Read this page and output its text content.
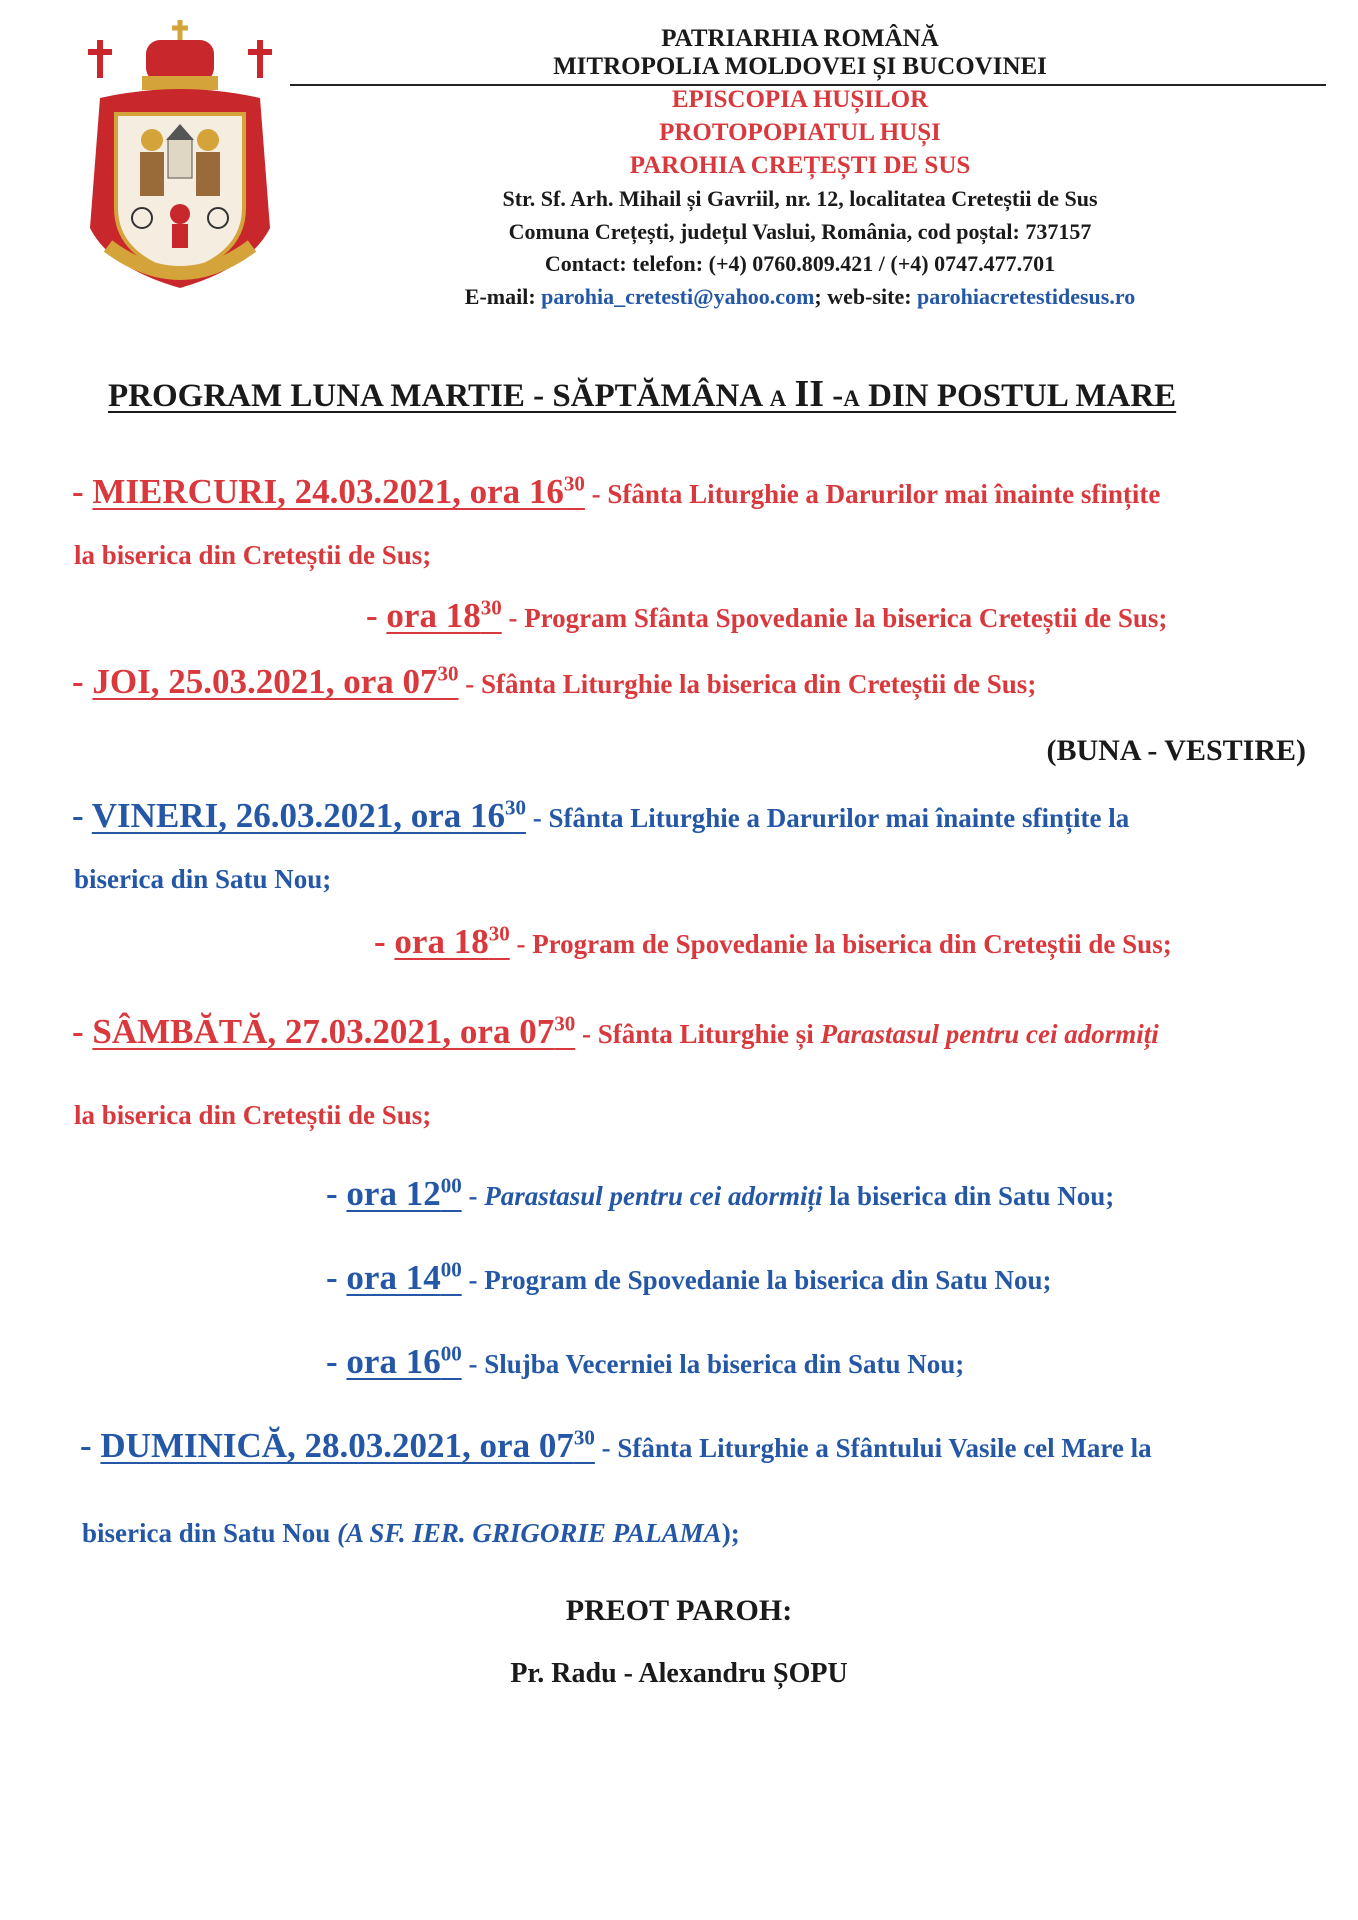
PATRIARHIA ROMÂNĂ
MITROPOLIA MOLDOVEI ȘI BUCOVINEI
EPISCOPIA HUȘILOR
PROTOPOPIATUL HUȘI
PAROHIA CREȚEȘTI DE SUS
Str. Sf. Arh. Mihail și Gavriil, nr. 12, localitatea Creteștii de Sus
Comuna Crețești, județul Vaslui, România, cod poștal: 737157
Contact: telefon: (+4) 0760.809.421 / (+4) 0747.477.701
E-mail: parohia_cretesti@yahoo.com; web-site: parohiacretestidesus.ro
PROGRAM LUNA MARTIE - SĂPTĂMÂNA a II -a DIN POSTUL MARE
- MIERCURI, 24.03.2021, ora $16^{30}$ - Sfânta Liturghie a Darurilor mai înainte sfințite
la biserica din Creteștii de Sus;
- ora $18^{30}$ - Program Sfânta Spovedanie la biserica Creteștii de Sus;
- JOI, 25.03.2021, ora $07^{30}$ - Sfânta Liturghie la biserica din Creteștii de Sus;
(BUNA - VESTIRE)
- VINERI, 26.03.2021, ora $16^{30}$ - Sfânta Liturghie a Darurilor mai înainte sfințite la
biserica din Satu Nou;
- ora $18^{30}$ - Program de Spovedanie la biserica din Creteștii de Sus;
- SÂMBĂTĂ, 27.03.2021, ora $07^{30}$ - Sfânta Liturghie și Parastasul pentru cei adormiți
la biserica din Creteștii de Sus;
- ora $12^{00}$ - Parastasul pentru cei adormiți la biserica din Satu Nou;
- ora $14^{00}$ - Program de Spovedanie la biserica din Satu Nou;
- ora $16^{00}$ - Slujba Vecerniei la biserica din Satu Nou;
- DUMINICĂ, 28.03.2021, ora $07^{30}$ - Sfânta Liturghie a Sfântului Vasile cel Mare la
biserica din Satu Nou (A SF. IER. GRIGORIE PALAMA);
PREOT PAROH:
Pr. Radu - Alexandru ȘOPU
